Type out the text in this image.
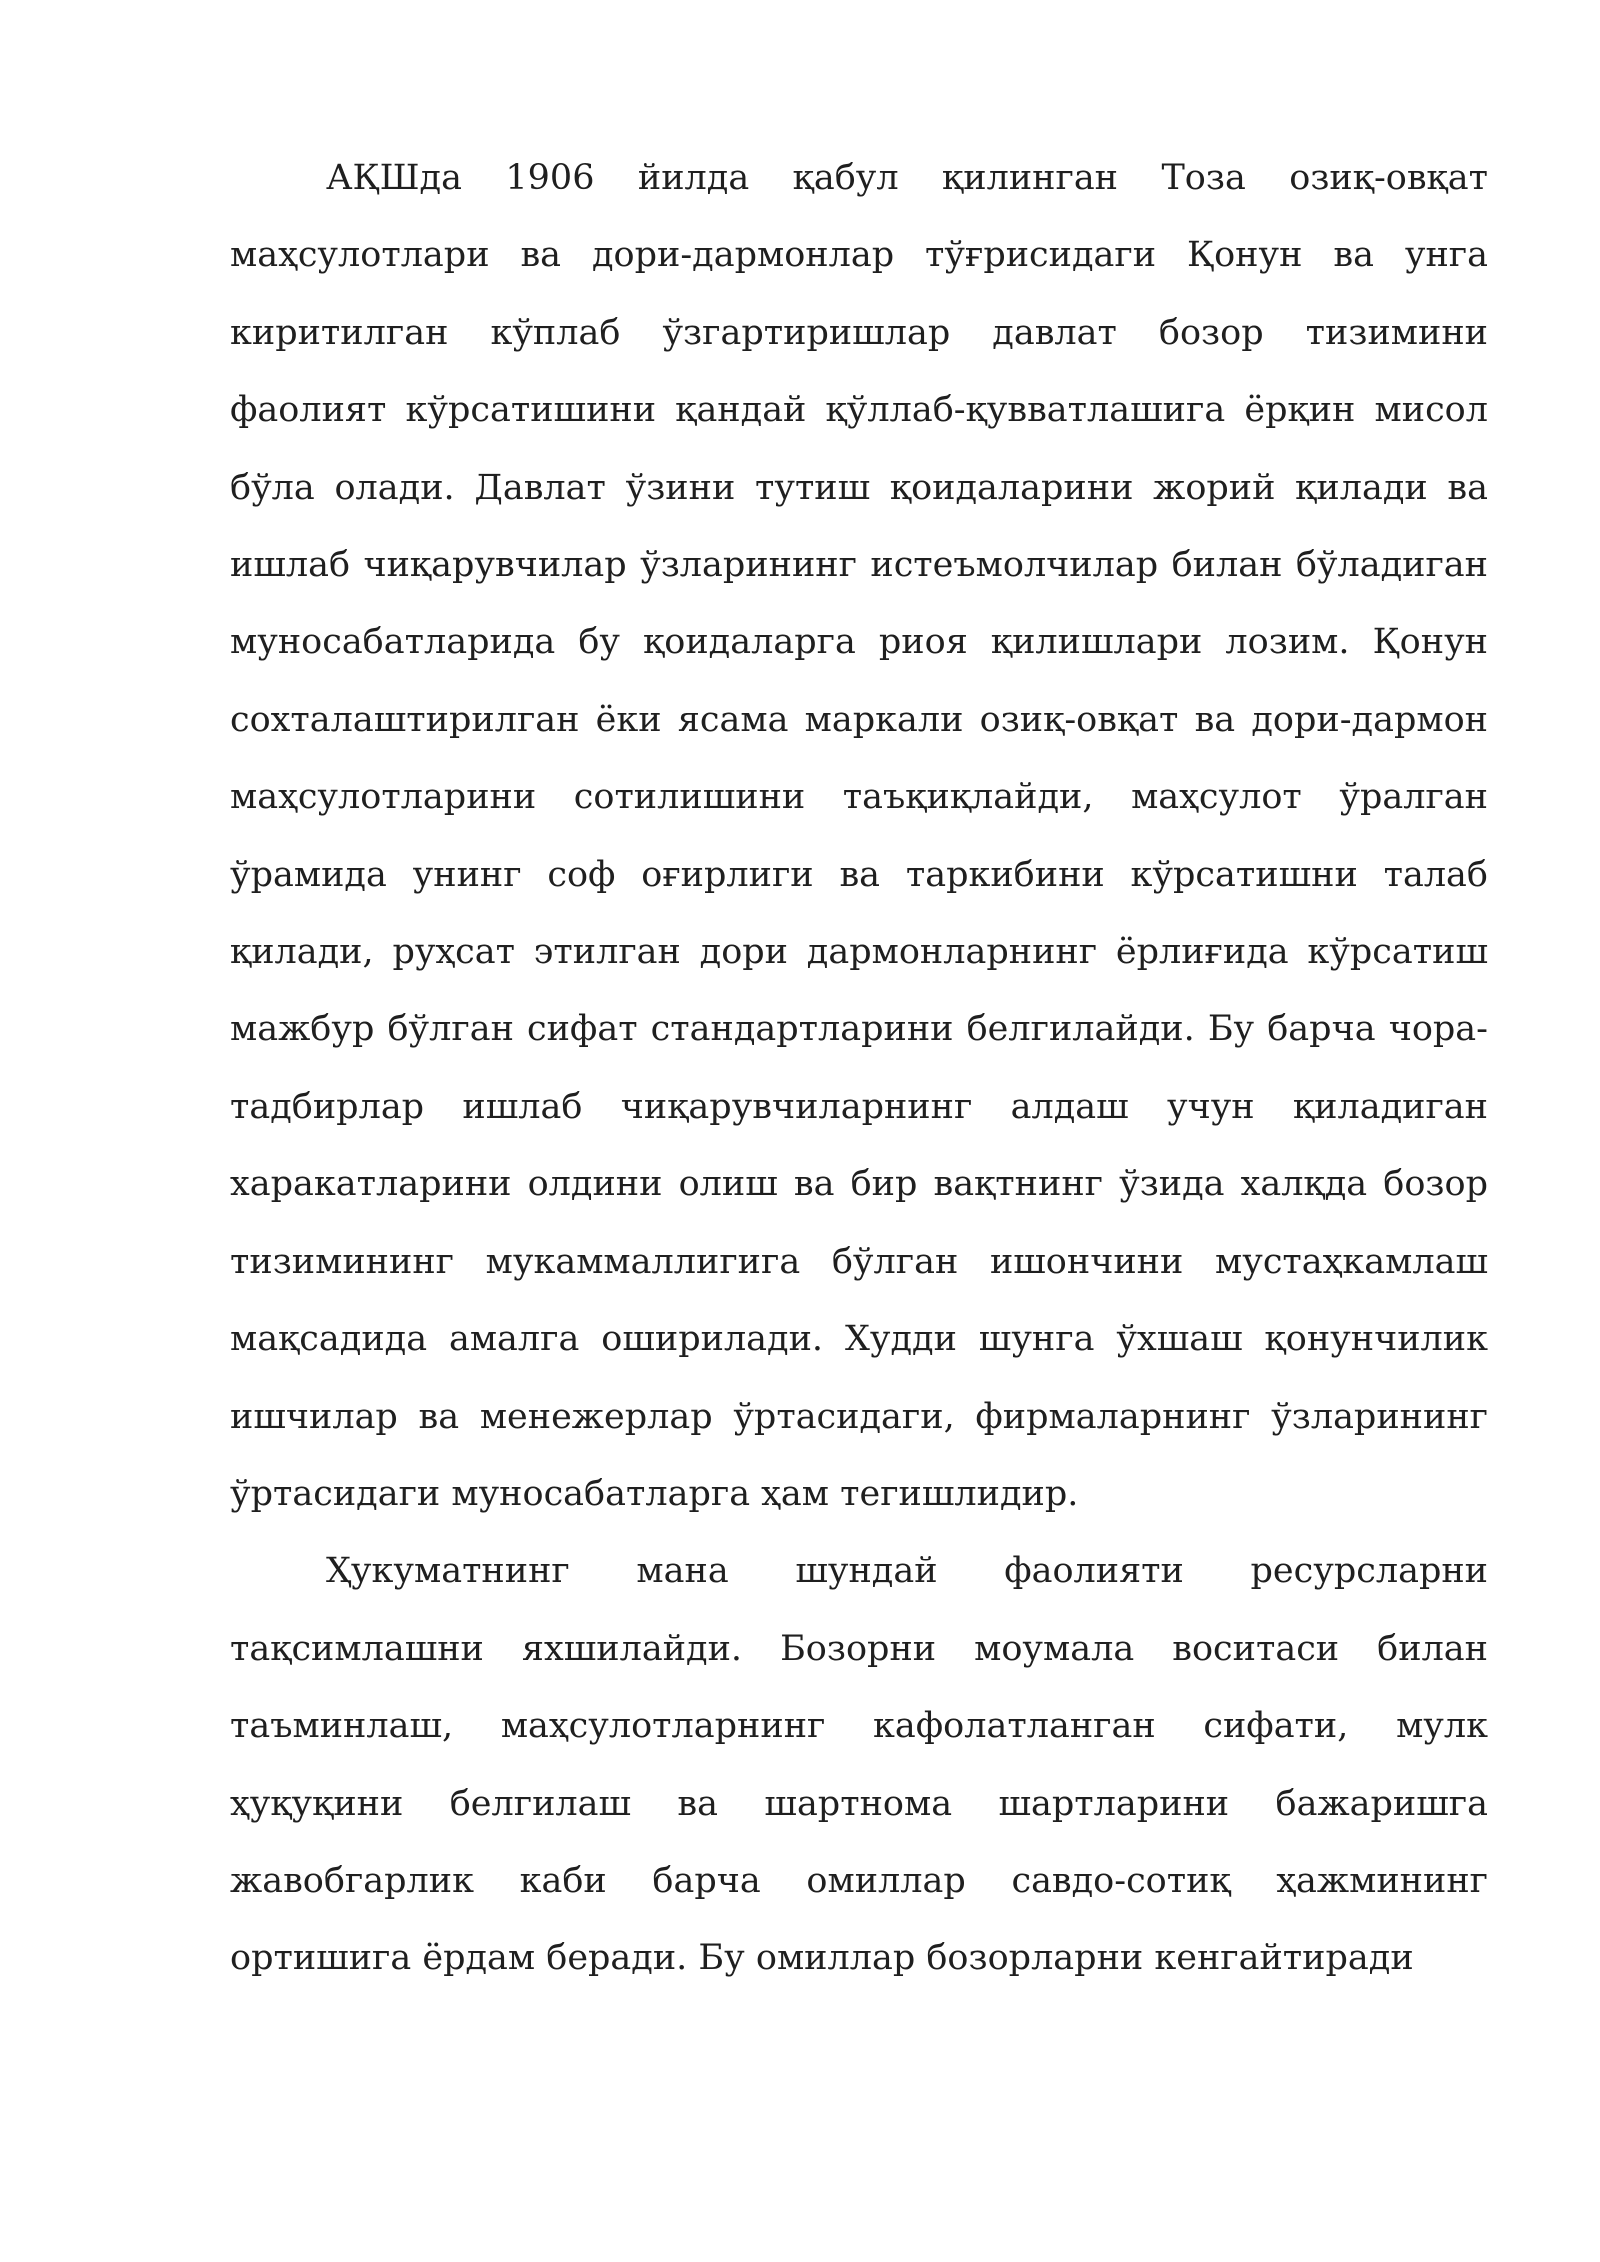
АҚШда 1906 йилда қабул қилинган Тоза озиқ-овқат маҳсулотлари ва дори-дармонлар тўғрисидаги Қонун ва унга киритилган кўплаб ўзгартиришлар давлат бозор тизимини фаолият кўрсатишини қандай қўллаб-қувватлашига ёрқин мисол бўла олади. Давлат ўзини тутиш қоидаларини жорий қилади ва ишлаб чиқарувчилар ўзларининг истеъмолчилар билан бўладиган муносабатларида бу қоидаларга риоя қилишлари лозим. Қонун сохталаштирилган ёки ясама маркали озиқ-овқат ва дори-дармон маҳсулотларини сотилишини таъқиқлайди, маҳсулот ўралган ўрамида унинг соф оғирлиги ва таркибини кўрсатишни талаб қилади, руҳсат этилган дори дармонларнинг ёрлиғида кўрсатиш мажбур бўлган сифат стандартларини белгилайди. Бу барча чора-тадбирлар ишлаб чиқарувчиларнинг алдаш учун қиладиган харакатларини олдини олиш ва бир вақтнинг ўзида халқда бозор тизимининг мукаммаллигига бўлган ишончини мустаҳкамлаш мақсадида амалга оширилади. Худди шунга ўхшаш қонунчилик ишчилар ва менежерлар ўртасидаги, фирмаларнинг ўзларининг ўртасидаги муносабатларга ҳам тегишлидир.

Ҳукуматнинг мана шундай фаолияти ресурсларни тақсимлашни яхшилайди. Бозорни моумала воситаси билан таъминлаш, маҳсулотларнинг кафолатланган сифати, мулк ҳуқуқини белгилаш ва шартнома шартларини бажаришга жавобгарлик каби барча омиллар савдо-сотиқ ҳажмининг ортишига ёрдам беради. Бу омиллар бозорларни кенгайтиради
